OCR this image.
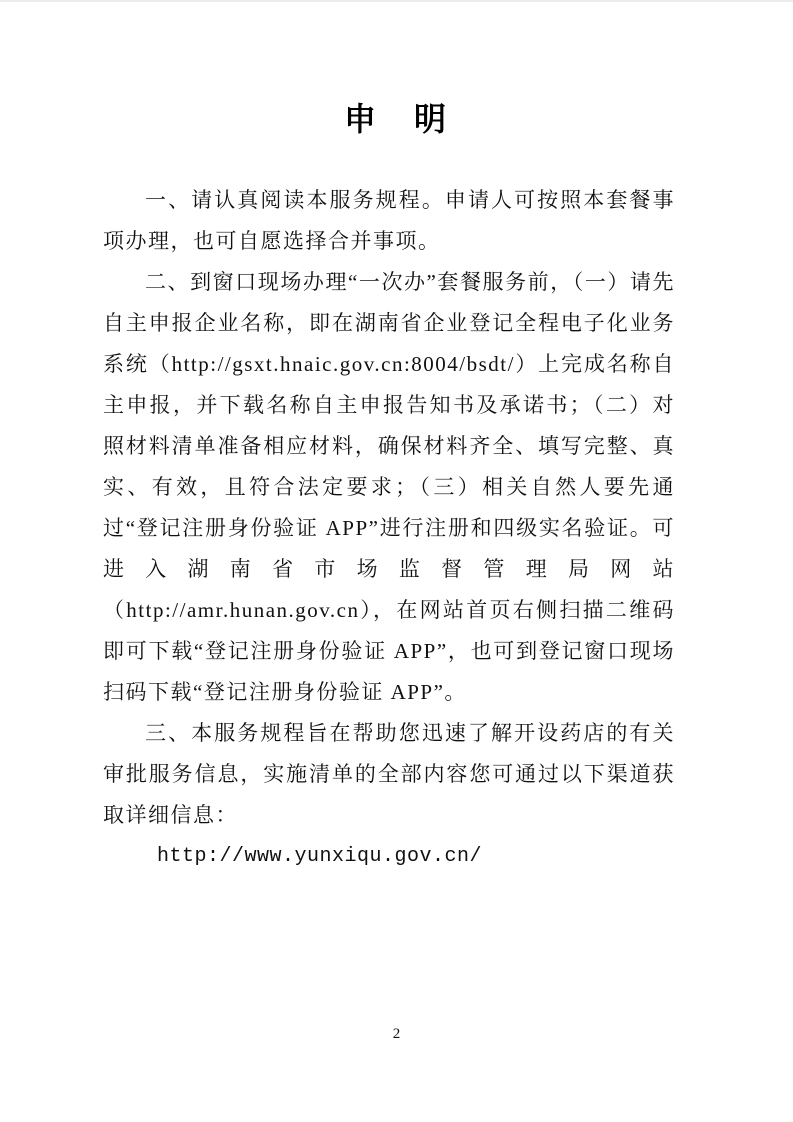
申　明

一、请认真阅读本服务规程。申请人可按照本套餐事项办理，也可自愿选择合并事项。

二、到窗口现场办理“一次办”套餐服务前，（一）请先自主申报企业名称，即在湖南省企业登记全程电子化业务系统（http://gsxt.hnaic.gov.cn:8004/bsdt/）上完成名称自主申报，并下载名称自主申报告知书及承诺书；（二）对照材料清单准备相应材料，确保材料齐全、填写完整、真实、有效，且符合法定要求；（三）相关自然人要先通过“登记注册身份验证 APP”进行注册和四级实名验证。可进入湖南省市场监督管理局网站（http://amr.hunan.gov.cn），在网站首页右侧扫描二维码即可下载“登记注册身份验证 APP”，也可到登记窗口现场扫码下载“登记注册身份验证 APP”。

三、本服务规程旨在帮助您迅速了解开设药店的有关审批服务信息，实施清单的全部内容您可通过以下渠道获取详细信息：

http://www.yunxiqu.gov.cn/

2
